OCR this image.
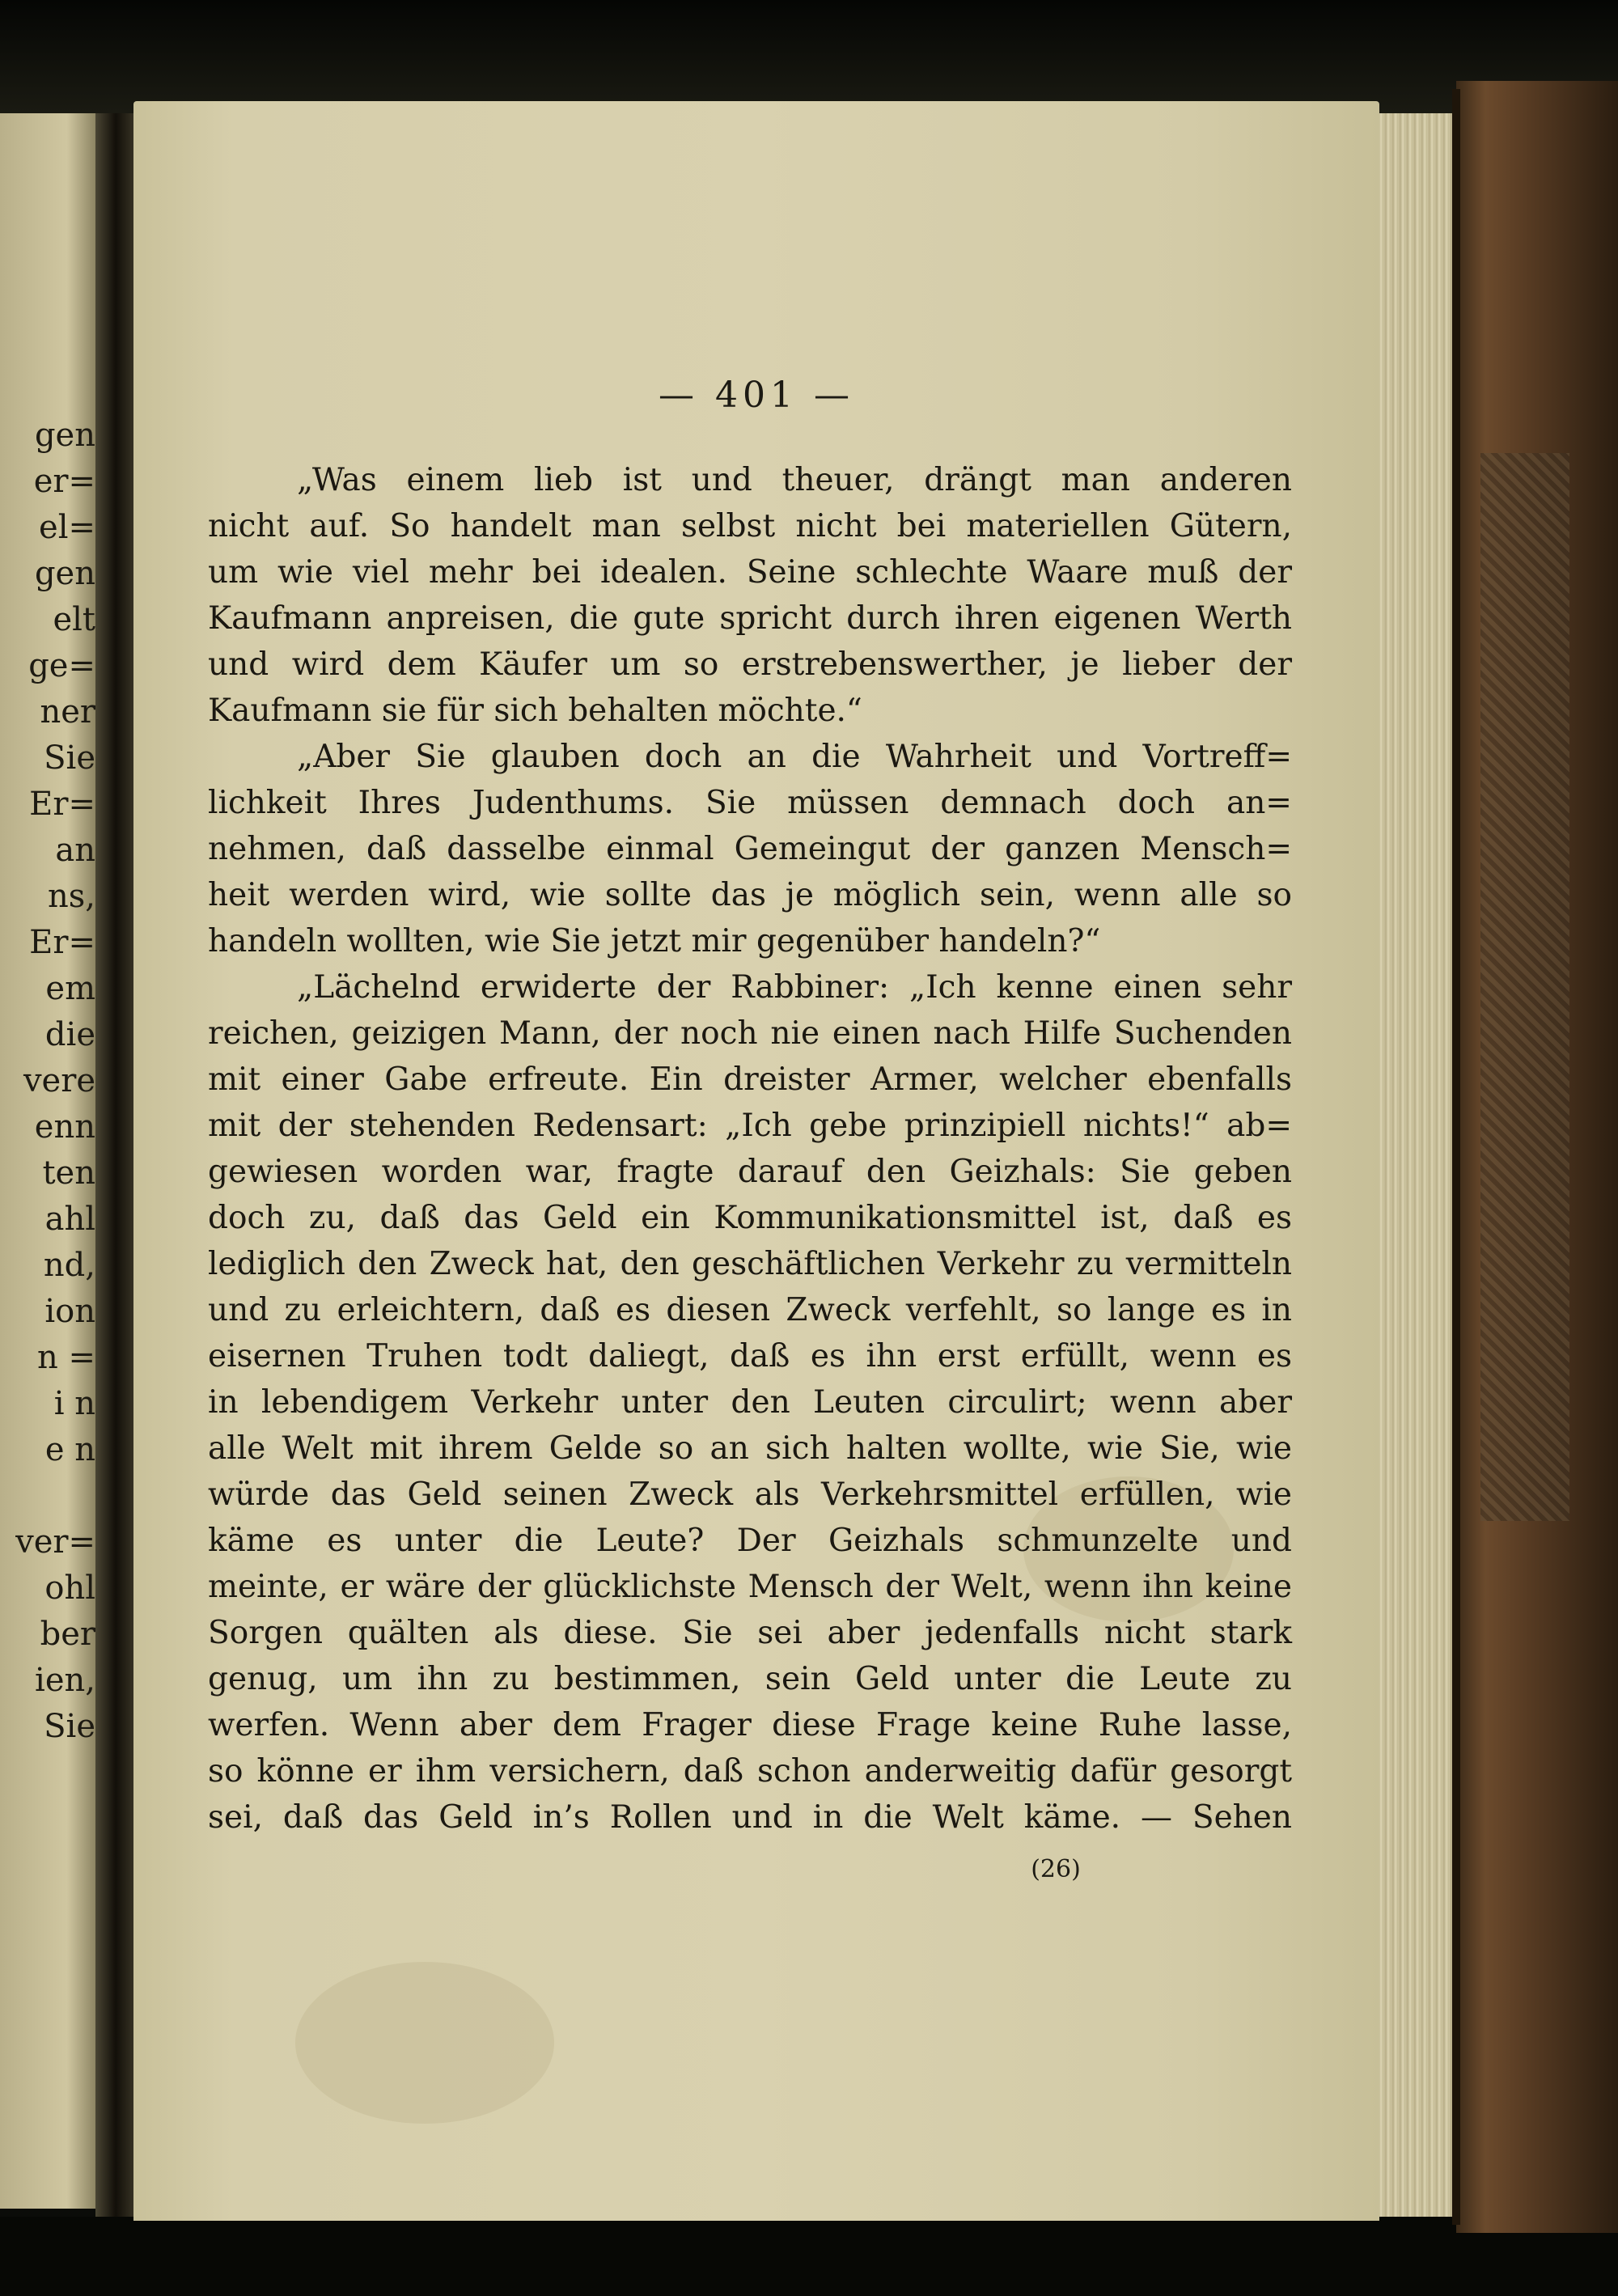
gen
er=
el=
gen
elt
ge=
ner
Sie
Er=
an
ns,
Er=
em
die
vere
enn
ten
ahl
nd,
ion
n =
i n
e n
ver=
ohl
ber
ien,
Sie
— 401 —
„Was einem lieb ist und theuer, drängt man anderen
nicht auf. So handelt man selbst nicht bei materiellen Gütern,
um wie viel mehr bei idealen. Seine schlechte Waare muß der
Kaufmann anpreisen, die gute spricht durch ihren eigenen Werth
und wird dem Käufer um so erstrebenswerther, je lieber der
Kaufmann sie für sich behalten möchte.“
„Aber Sie glauben doch an die Wahrheit und Vortreff=
lichkeit Ihres Judenthums. Sie müssen demnach doch an=
nehmen, daß dasselbe einmal Gemeingut der ganzen Mensch=
heit werden wird, wie sollte das je möglich sein, wenn alle so
handeln wollten, wie Sie jetzt mir gegenüber handeln?“
„Lächelnd erwiderte der Rabbiner: „Ich kenne einen sehr
reichen, geizigen Mann, der noch nie einen nach Hilfe Suchenden
mit einer Gabe erfreute. Ein dreister Armer, welcher ebenfalls
mit der stehenden Redensart: „Ich gebe prinzipiell nichts!“ ab=
gewiesen worden war, fragte darauf den Geizhals: Sie geben
doch zu, daß das Geld ein Kommunikationsmittel ist, daß es
lediglich den Zweck hat, den geschäftlichen Verkehr zu vermitteln
und zu erleichtern, daß es diesen Zweck verfehlt, so lange es in
eisernen Truhen todt daliegt, daß es ihn erst erfüllt, wenn es
in lebendigem Verkehr unter den Leuten circulirt; wenn aber
alle Welt mit ihrem Gelde so an sich halten wollte, wie Sie, wie
würde das Geld seinen Zweck als Verkehrsmittel erfüllen, wie
käme es unter die Leute? Der Geizhals schmunzelte und
meinte, er wäre der glücklichste Mensch der Welt, wenn ihn keine
Sorgen quälten als diese. Sie sei aber jedenfalls nicht stark
genug, um ihn zu bestimmen, sein Geld unter die Leute zu
werfen. Wenn aber dem Frager diese Frage keine Ruhe lasse,
so könne er ihm versichern, daß schon anderweitig dafür gesorgt
sei, daß das Geld in’s Rollen und in die Welt käme. — Sehen
(26)
